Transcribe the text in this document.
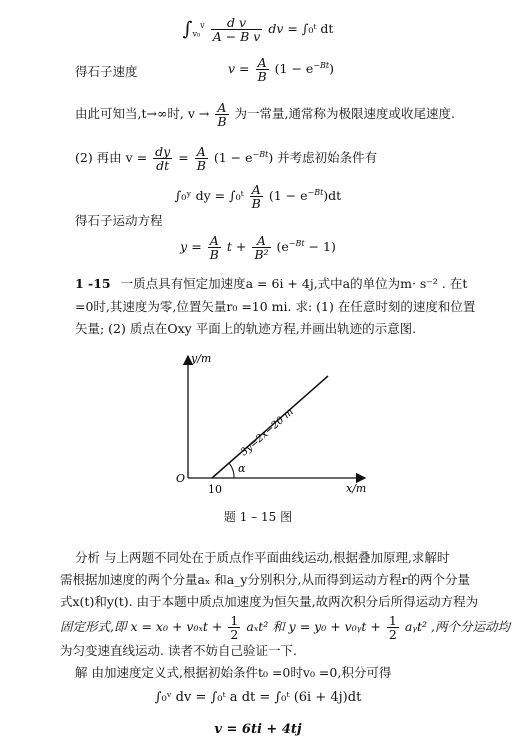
$\int_{v_0}^v \frac{\text{d v}}{\text{A − B v}}$ dv = ∫₀ᵗ dt
得石子速度	$v = \frac{A}{B} (1 - e^{-Bt})$
由此可知当,t→∞时, $v \to \frac{A}{B}$ 为一常量,通常称为极限速度或收尾速度.
(2) 再由 $v = \frac{dy}{dt} = \frac{A}{B} (1 - e^{-Bt})$ 并考虑初始条件有
∫₀ʸ dy = ∫₀ᵗ $\frac{A}{B} (1 - e^{-Bt})dt$
得石子运动方程
$y = \frac{A}{B}$ $t + \frac{A}{\text{B²}} (e^{-Bt} - 1)$
1 -15 一质点具有恒定加速度a = 6i + 4j,式中a的单位为m· s⁻² . 在t
=0时,其速度为零,位置矢量r₀ =10 mi. 求: (1) 在任意时刻的速度和位置
矢量; (2) 质点在Oxy 平面上的轨迹方程,并画出轨迹的示意图.
y/m
x/m
O
10
α
3y=2x−20 m
题 1 – 15 图
分析 与上两题不同处在于质点作平面曲线运动,根据叠加原理,求解时
需根据加速度的两个分量aₓ 和a_y分别积分,从而得到运动方程r的两个分量
式x(t)和y(t). 由于本题中质点加速度为恒矢量,故两次积分后所得运动方程为
固定形式,即 $x = x_0 + v_{0x}t + \frac{1}{2} a_xt^2$ 和 y = y₀ + v₀ᵧt + $\frac{1}{2}$ aᵧt² ,两个分运动均
为匀变速直线运动. 读者不妨自己验证一下.
解 由加速度定义式,根据初始条件t₀ =0时v₀ =0,积分可得
∫₀ᵛ dv = ∫₀ᵗ a dt = ∫₀ᵗ (6i + 4j)dt
v = 6ti + 4tj
